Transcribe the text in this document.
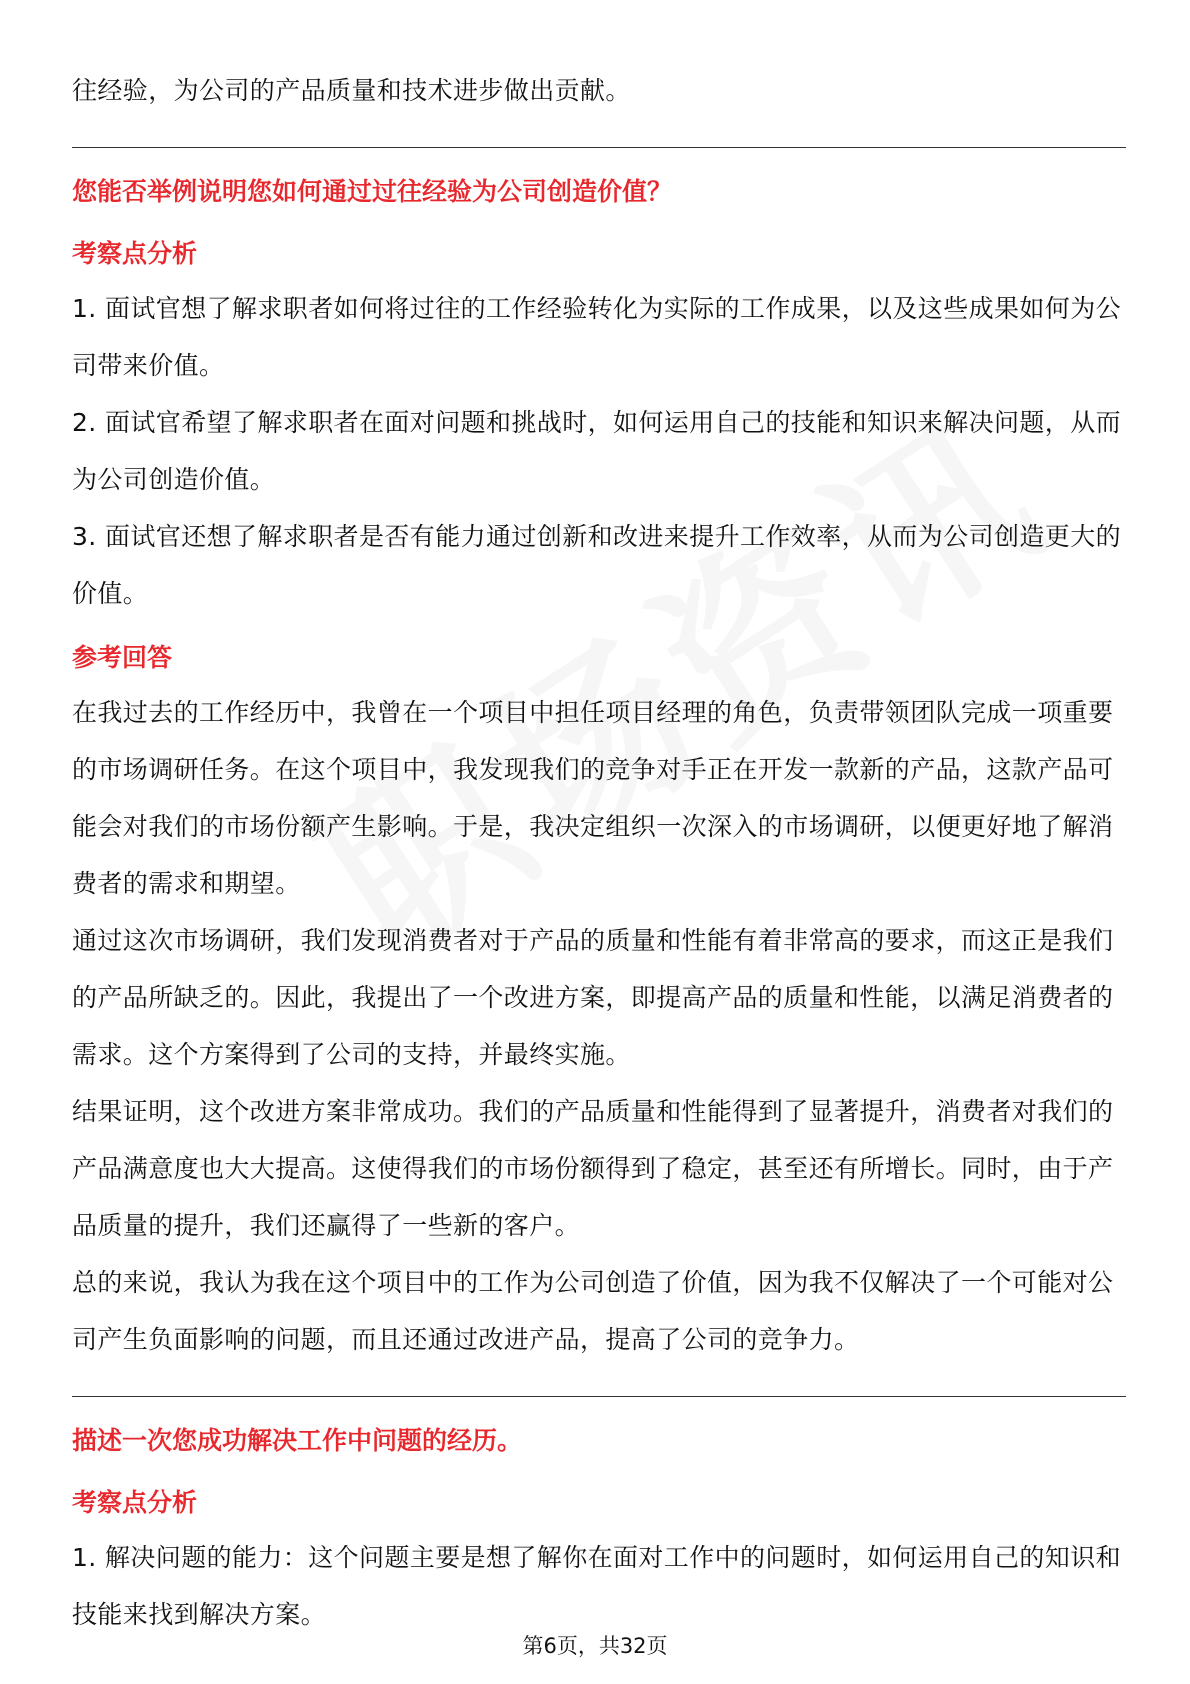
往经验，为公司的产品质量和技术进步做出贡献。

您能否举例说明您如何通过过往经验为公司创造价值？
考察点分析

1. 面试官想了解求职者如何将过往的工作经验转化为实际的工作成果，以及这些成果如何为公司带来价值。

2. 面试官希望了解求职者在面对问题和挑战时，如何运用自己的技能和知识来解决问题，从而为公司创造价值。

3. 面试官还想了解求职者是否有能力通过创新和改进来提升工作效率，从而为公司创造更大的价值。

参考回答

在我过去的工作经历中，我曾在一个项目中担任项目经理的角色，负责带领团队完成一项重要的市场调研任务。在这个项目中，我发现我们的竞争对手正在开发一款新的产品，这款产品可能会对我们的市场份额产生影响。于是，我决定组织一次深入的市场调研，以便更好地了解消费者的需求和期望。

通过这次市场调研，我们发现消费者对于产品的质量和性能有着非常高的要求，而这正是我们的产品所缺乏的。因此，我提出了一个改进方案，即提高产品的质量和性能，以满足消费者的需求。这个方案得到了公司的支持，并最终实施。

结果证明，这个改进方案非常成功。我们的产品质量和性能得到了显著提升，消费者对我们的产品满意度也大大提高。这使得我们的市场份额得到了稳定，甚至还有所增长。同时，由于产品质量的提升，我们还赢得了一些新的客户。

总的来说，我认为我在这个项目中的工作为公司创造了价值，因为我不仅解决了一个可能对公司产生负面影响的问题，而且还通过改进产品，提高了公司的竞争力。

描述一次您成功解决工作中问题的经历。
考察点分析

1. 解决问题的能力：这个问题主要是想了解你在面对工作中的问题时，如何运用自己的知识和技能来找到解决方案。

第6页，共32页
